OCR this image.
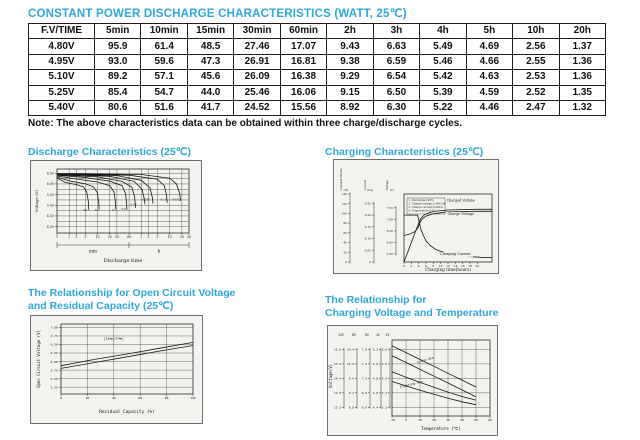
CONSTANT POWER DISCHARGE CHARACTERISTICS (WATT, 25℃)
F.V/TIME	5min	10min	15min	30min	60min	2h	3h	4h	5h	10h	20h
4.80V	95.9	61.4	48.5	27.46	17.07	9.43	6.63	5.49	4.69	2.56	1.37
4.95V	93.0	59.6	47.3	26.91	16.81	9.38	6.59	5.46	4.66	2.55	1.36
5.10V	89.2	57.1	45.6	26.09	16.38	9.29	6.54	5.42	4.63	2.53	1.36
5.25V	85.4	54.7	44.0	25.46	16.06	9.15	6.50	5.39	4.59	2.52	1.35
5.40V	80.6	51.6	41.7	24.52	15.56	8.92	6.30	5.22	4.46	2.47	1.32
Note: The above characteristics data can be obtained within three charge/discharge cycles.
Discharge Characteristics (25℃)	Charging Characteristics (25℃)
The Relationship for Open Circuit Voltage
and Residual Capacity (25℃)	The Relationship for
Charging Voltage and Temperature
1	2 3 5	10	20 30	60	2 3 5	10	20 30
4.00
4.50
5.00
5.50
6.00
6.50
3C	2C	1C 0.6C
0.4C
0.25C	0.1C 0.05C
min	h
Discharge time
Voltage (V)
0 2 4 6 8 10 12 14 16 18 20
0
20
40
60
80
100
120
140
Charged Volume (%)
0
0.05
0.10
0.15
0.20
0.25
Current (CA)
5.50
6.00
6.50
7.00
7.50
Voltage (V)
Charged Volume
Charge Voltage
Charging Current
1. Discharge:100%
2. Charge voltage:2.40V/cell
3. Charge current:0.20CA
4. Temperature:25℃
Charging time(hours)
0	20	40	60	80	100
5.25
5.50
5.75
6.00
6.25
6.50
6.75
7.00
(25℃/77℉)
Residual Capacity (%)
Open Circuit Voltage (V)
-10	0	10	20	30	40	50	60
15.6
15.0
14.4
13.8
13.2
12V
10.4
10.0
9.6
9.2
8.8
8V
7.8
7.5
7.2
6.9
6.6
6V
5.2
5.0
4.8
4.6
4.4
4V
2.6
2.5
2.4
2.3
2.2
2V
Cycle Use
Floating Use
Temperature (℃)
Voltage(V)
